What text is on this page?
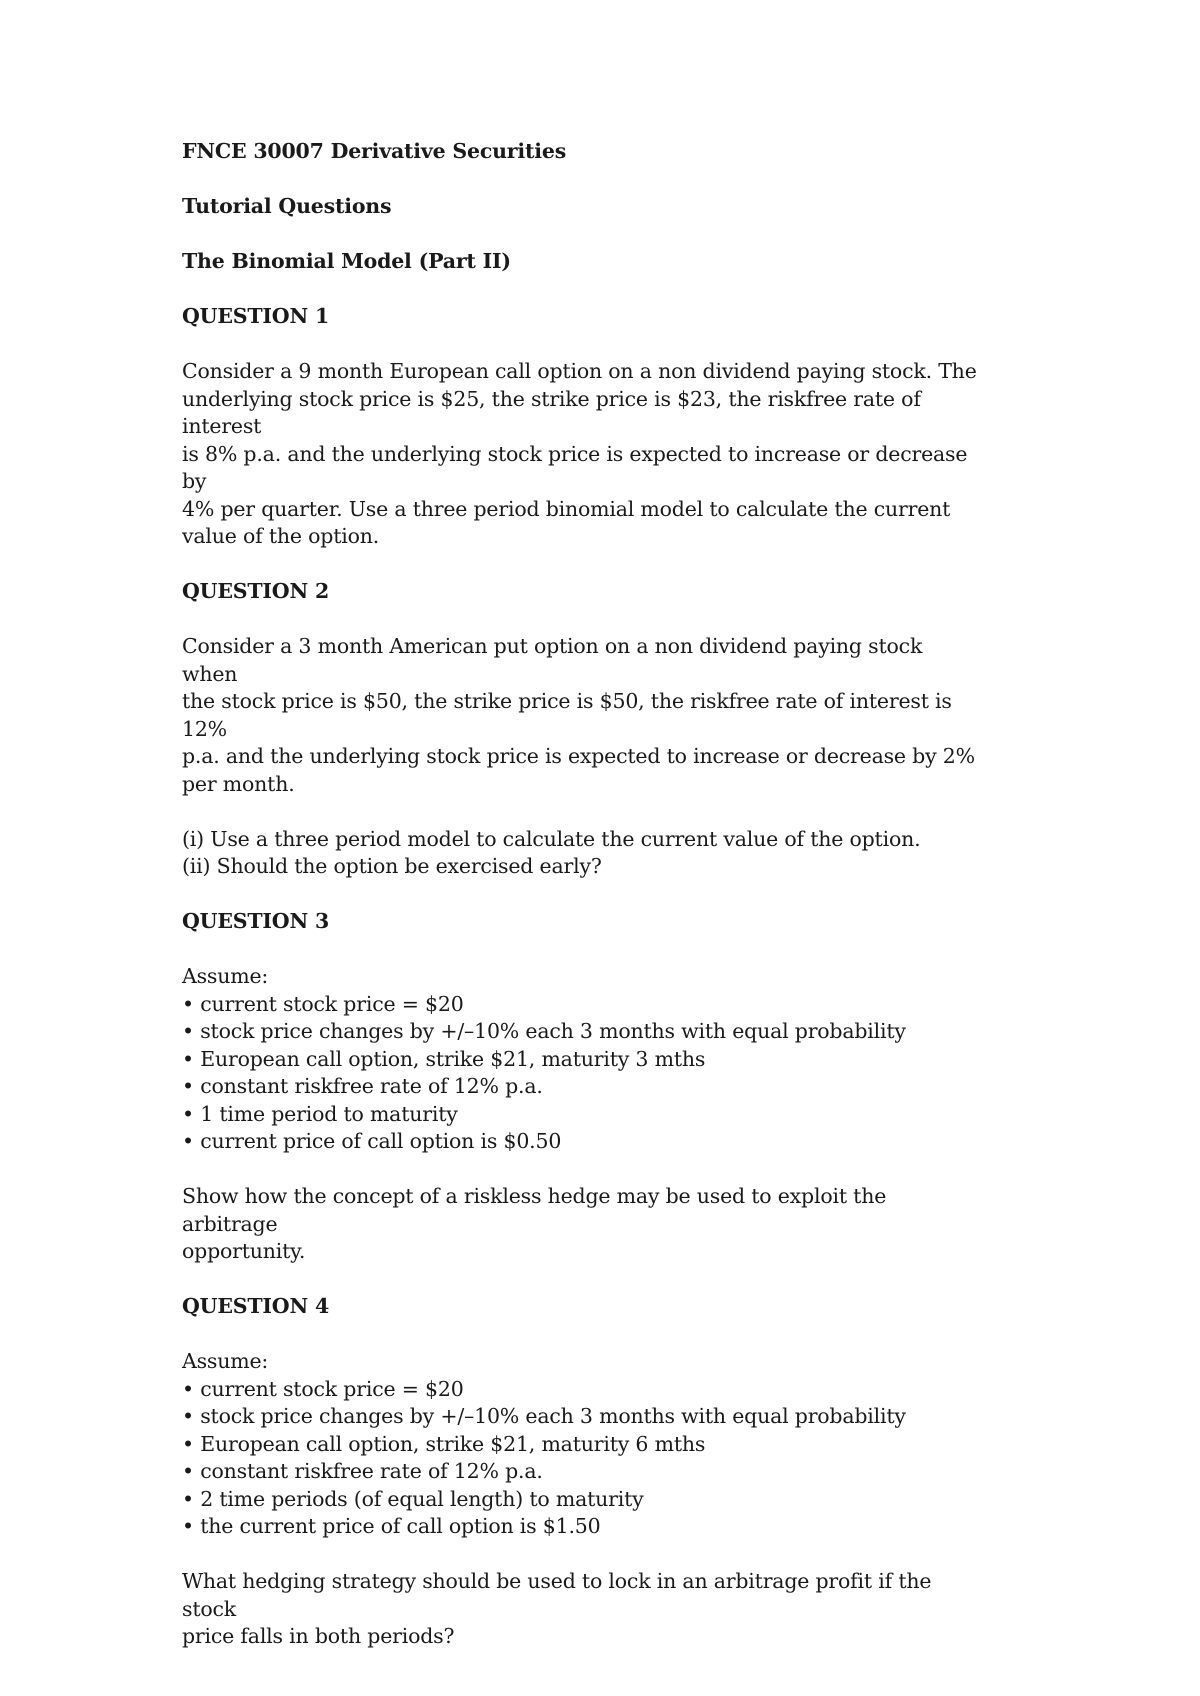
FNCE 30007 Derivative Securities

Tutorial Questions

The Binomial Model (Part II)

QUESTION 1

Consider a 9 month European call option on a non dividend paying stock. The

underlying stock price is $25, the strike price is $23, the riskfree rate of interest

is 8% p.a. and the underlying stock price is expected to increase or decrease by

4% per quarter. Use a three period binomial model to calculate the current

value of the option.

QUESTION 2

Consider a 3 month American put option on a non dividend paying stock when

the stock price is $50, the strike price is $50, the riskfree rate of interest is 12%

p.a. and the underlying stock price is expected to increase or decrease by 2%

per month.

(i) Use a three period model to calculate the current value of the option.

(ii) Should the option be exercised early?

QUESTION 3

Assume:

• current stock price = $20
• stock price changes by +/–10% each 3 months with equal probability
• European call option, strike $21, maturity 3 mths
• constant riskfree rate of 12% p.a.
• 1 time period to maturity
• current price of call option is $0.50

Show how the concept of a riskless hedge may be used to exploit the arbitrage

opportunity.

QUESTION 4

Assume:

• current stock price = $20
• stock price changes by +/–10% each 3 months with equal probability
• European call option, strike $21, maturity 6 mths
• constant riskfree rate of 12% p.a.
• 2 time periods (of equal length) to maturity
• the current price of call option is $1.50

What hedging strategy should be used to lock in an arbitrage profit if the stock

price falls in both periods?
